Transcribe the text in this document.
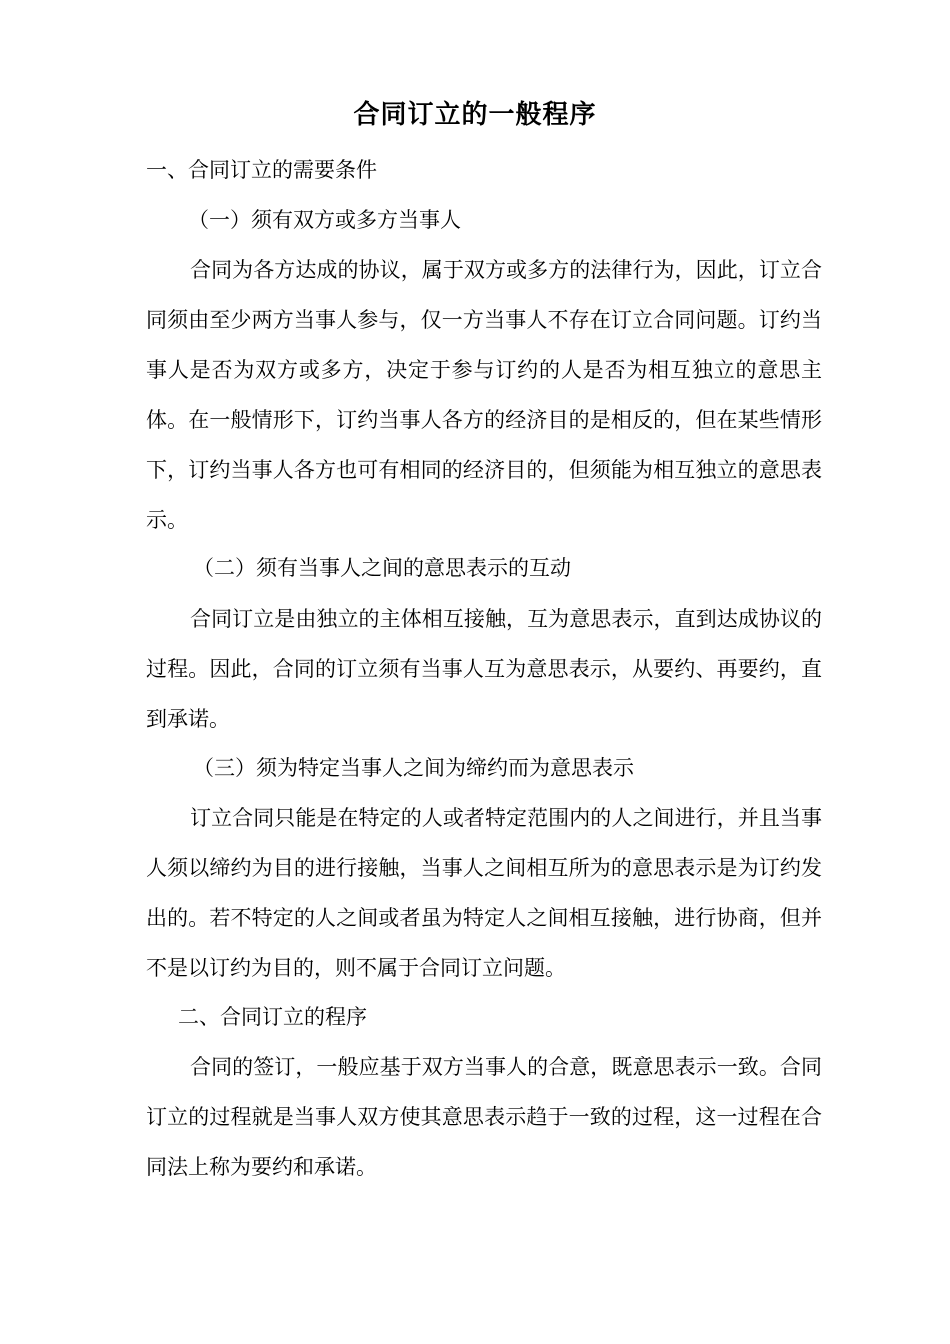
合同订立的一般程序
一、合同订立的需要条件
（一）须有双方或多方当事人

合同为各方达成的协议，属于双方或多方的法律行为，因此，订立合同须由至少两方当事人参与，仅一方当事人不存在订立合同问题。订约当事人是否为双方或多方，决定于参与订约的人是否为相互独立的意思主体。在一般情形下，订约当事人各方的经济目的是相反的，但在某些情形下，订约当事人各方也可有相同的经济目的，但须能为相互独立的意思表示。

（二）须有当事人之间的意思表示的互动

合同订立是由独立的主体相互接触，互为意思表示，直到达成协议的过程。因此，合同的订立须有当事人互为意思表示，从要约、再要约，直到承诺。

（三）须为特定当事人之间为缔约而为意思表示

订立合同只能是在特定的人或者特定范围内的人之间进行，并且当事人须以缔约为目的进行接触，当事人之间相互所为的意思表示是为订约发出的。若不特定的人之间或者虽为特定人之间相互接触，进行协商，但并不是以订约为目的，则不属于合同订立问题。

二、合同订立的程序

合同的签订，一般应基于双方当事人的合意，既意思表示一致。合同订立的过程就是当事人双方使其意思表示趋于一致的过程，这一过程在合同法上称为要约和承诺。
